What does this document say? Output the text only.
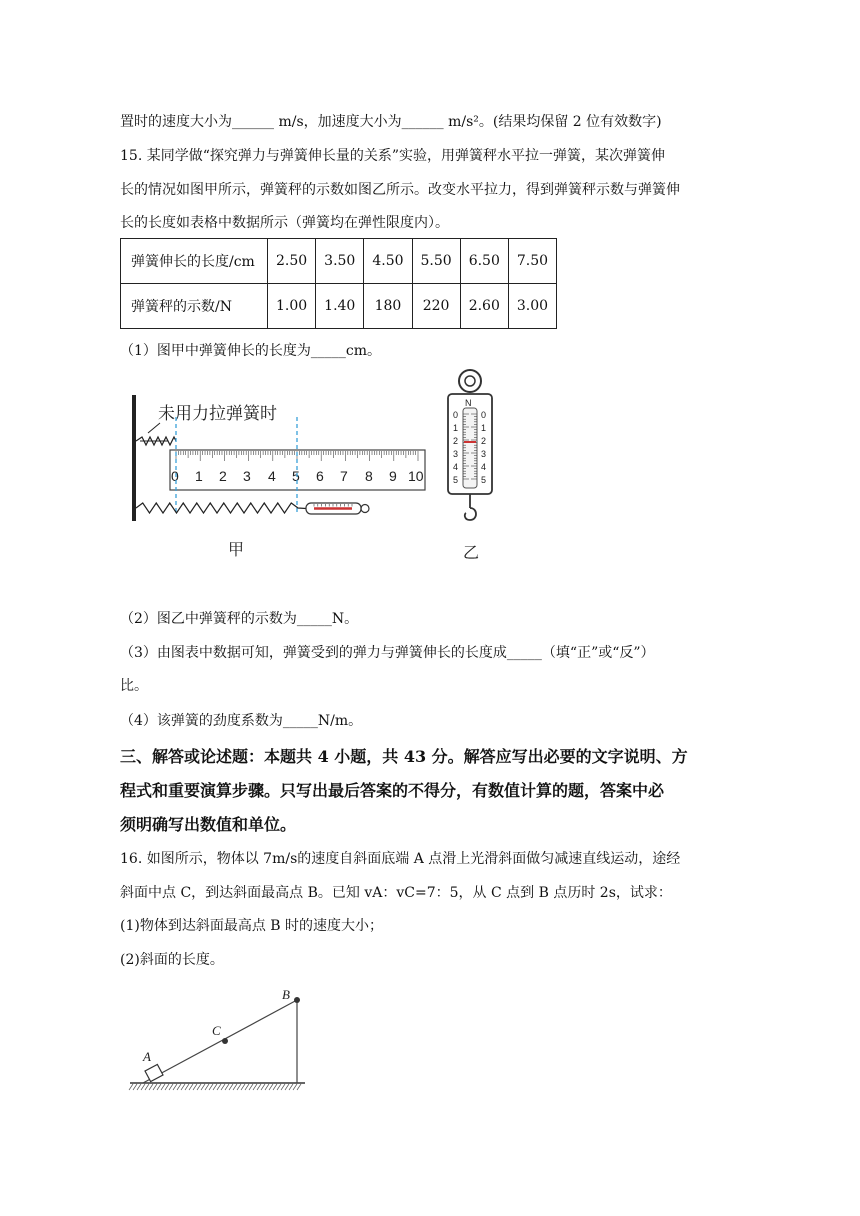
置时的速度大小为______ m/s，加速度大小为______ m/s²。(结果均保留 2 位有效数字)
15. 某同学做“探究弹力与弹簧伸长量的关系”实验，用弹簧秤水平拉一弹簧，某次弹簧伸
长的情况如图甲所示，弹簧秤的示数如图乙所示。改变水平拉力，得到弹簧秤示数与弹簧伸
长的长度如表格中数据所示（弹簧均在弹性限度内）。
弹簧伸长的长度/cm	2.50	3.50	4.50	5.50	6.50	7.50
弹簧秤的示数/N	1.00	1.40	180	220	2.60	3.00
（1）图甲中弹簧伸长的长度为_____cm。
未用力拉弹簧时
0 1 2 3 4 5 6 7 8 9 10
甲
N
0
1
2
3
4
5
0
1
2
3
4
5
乙
（2）图乙中弹簧秤的示数为_____N。
（3）由图表中数据可知，弹簧受到的弹力与弹簧伸长的长度成_____（填“正”或“反”）
比。
（4）该弹簧的劲度系数为_____N/m。
三、解答或论述题：本题共 4 小题，共 43 分。解答应写出必要的文字说明、方
程式和重要演算步骤。只写出最后答案的不得分，有数值计算的题，答案中必
须明确写出数值和单位。
16. 如图所示，物体以 7m/s的速度自斜面底端 A 点滑上光滑斜面做匀减速直线运动，途经
斜面中点 C，到达斜面最高点 B。已知 vA：vC=7：5，从 C 点到 B 点历时 2s，试求：
(1)物体到达斜面最高点 B 时的速度大小；
(2)斜面的长度。
A
C
B
